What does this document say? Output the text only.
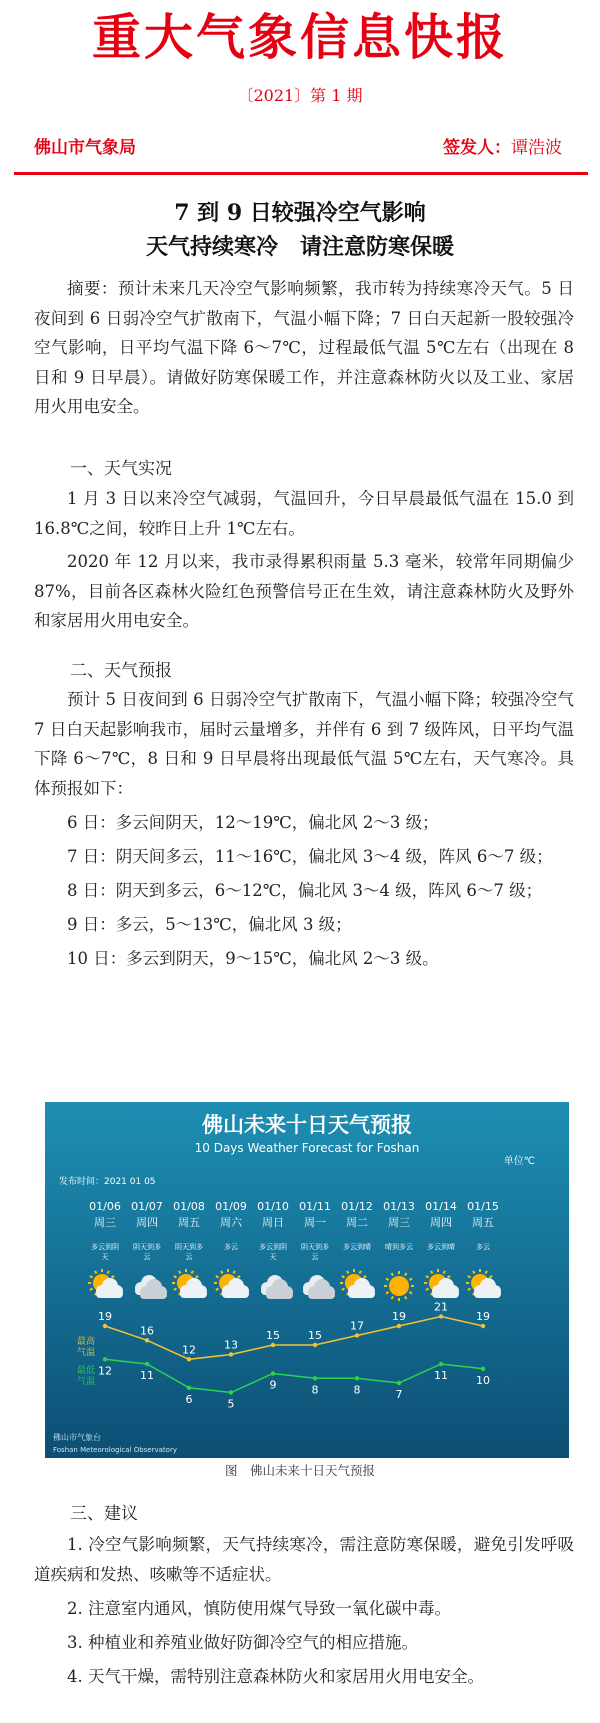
重大气象信息快报
〔2021〕第 1 期
佛山市气象局	签发人：谭浩波
7 到 9 日较强冷空气影响
天气持续寒冷　请注意防寒保暖

摘要：预计未来几天冷空气影响频繁，我市转为持续寒冷天气。5 日夜间到 6 日弱冷空气扩散南下，气温小幅下降；7 日白天起新一股较强冷空气影响，日平均气温下降 6～7℃，过程最低气温 5℃左右（出现在 8 日和 9 日早晨）。请做好防寒保暖工作，并注意森林防火以及工业、家居用火用电安全。

一、天气实况

1 月 3 日以来冷空气减弱，气温回升，今日早晨最低气温在 15.0 到 16.8℃之间，较昨日上升 1℃左右。

2020 年 12 月以来，我市录得累积雨量 5.3 毫米，较常年同期偏少 87%，目前各区森林火险红色预警信号正在生效，请注意森林防火及野外和家居用火用电安全。

二、天气预报

预计 5 日夜间到 6 日弱冷空气扩散南下，气温小幅下降；较强冷空气 7 日白天起影响我市，届时云量增多，并伴有 6 到 7 级阵风，日平均气温下降 6～7℃，8 日和 9 日早晨将出现最低气温 5℃左右，天气寒冷。具体预报如下：

6 日：多云间阴天，12～19℃，偏北风 2～3 级；

7 日：阴天间多云，11～16℃，偏北风 3～4 级，阵风 6～7 级；

8 日：阴天到多云，6～12℃，偏北风 3～4 级，阵风 6～7 级；

9 日：多云，5～13℃，偏北风 3 级；

10 日：多云到阴天，9～15℃，偏北风 2～3 级。

佛山未来十日天气预报
10 Days Weather Forecast for Foshan
单位℃
发布时间：2021 01 05
01/06
周三
多云到阴
天
01/07
周四
阴天到多
云
01/08
周五
阴天到多
云
01/09
周六
多云
01/10
周日
多云到阴
天
01/11
周一
阴天到多
云
01/12
周二
多云到晴
01/13
周三
晴到多云
01/14
周四
多云到晴
01/15
周五
多云
最高
气温
最低
气温
19
16
12	13
15	15
17
19
21
19
12	11
6	5
9	8	8	7
11	10
佛山市气象台
Foshan Meteorological Observatory
图　佛山未来十日天气预报
三、建议

1. 冷空气影响频繁，天气持续寒冷，需注意防寒保暖，避免引发呼吸道疾病和发热、咳嗽等不适症状。

2. 注意室内通风，慎防使用煤气导致一氧化碳中毒。

3. 种植业和养殖业做好防御冷空气的相应措施。

4. 天气干燥，需特别注意森林防火和家居用火用电安全。
